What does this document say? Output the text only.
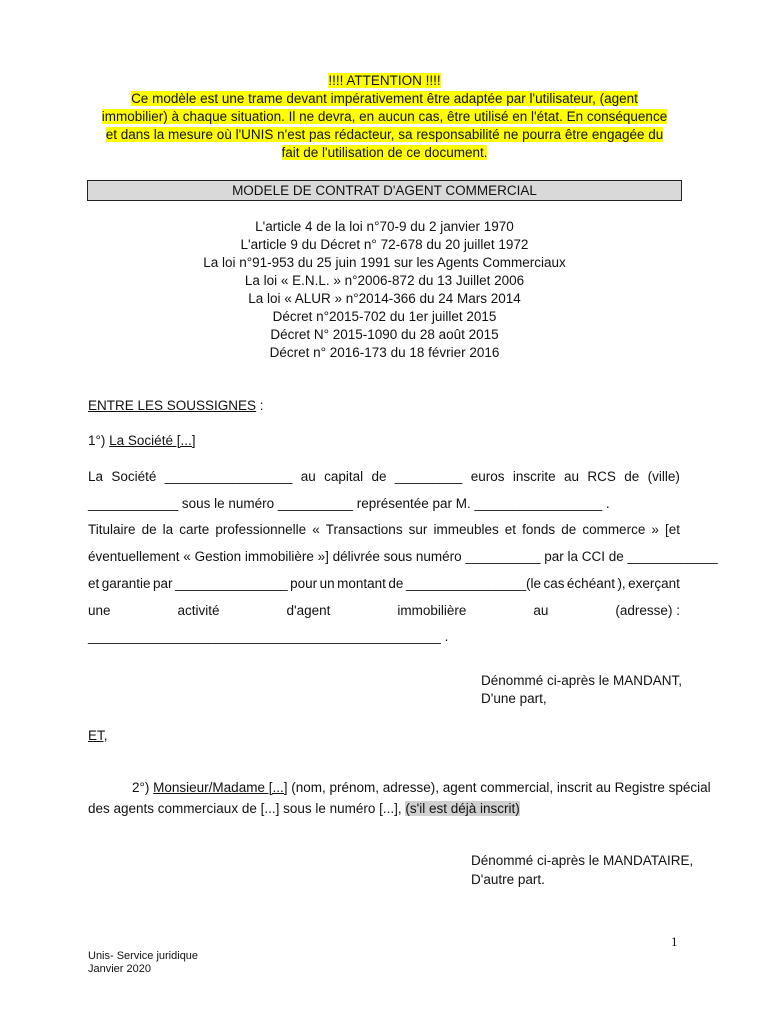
!!!! ATTENTION !!!!
Ce modèle est une trame devant impérativement être adaptée par l'utilisateur, (agent
immobilier) à chaque situation. Il ne devra, en aucun cas, être utilisé en l'état. En conséquence
et dans la mesure où l'UNIS n'est pas rédacteur, sa responsabilité ne pourra être engagée du
fait de l'utilisation de ce document.
MODELE DE CONTRAT D'AGENT COMMERCIAL
L'article 4 de la loi n°70-9 du 2 janvier 1970
L'article 9 du Décret n° 72-678 du 20 juillet 1972
La loi n°91-953 du 25 juin 1991 sur les Agents Commerciaux
La loi « E.N.L. » n°2006-872 du 13 Juillet 2006
La loi « ALUR » n°2014-366 du 24 Mars 2014
Décret n°2015-702 du 1er juillet 2015
Décret N° 2015-1090 du 28 août 2015
Décret n° 2016-173 du 18 février 2016
ENTRE LES SOUSSIGNES :
1°) La Société [...]
La Société _________________ au capital de _________ euros inscrite au RCS de (ville)
____________ sous le numéro __________ représentée par M. _________________ .
Titulaire de la carte professionnelle « Transactions sur immeubles et fonds de commerce » [et
éventuellement « Gestion immobilière »] délivrée sous numéro __________ par la CCI de ____________
et garantie par _______________ pour un montant de ________________(le cas échéant ), exerçant
une	activité	d'agent	immobilière	au	(adresse) :
_______________________________________________ .
Dénommé ci-après le MANDANT,
D'une part,
ET,
2°) Monsieur/Madame [...] (nom, prénom, adresse), agent commercial, inscrit au Registre spécial
des agents commerciaux de [...] sous le numéro [...], (s'il est déjà inscrit)
Dénommé ci-après le MANDATAIRE,
D'autre part.
1
Unis- Service juridique
Janvier 2020
